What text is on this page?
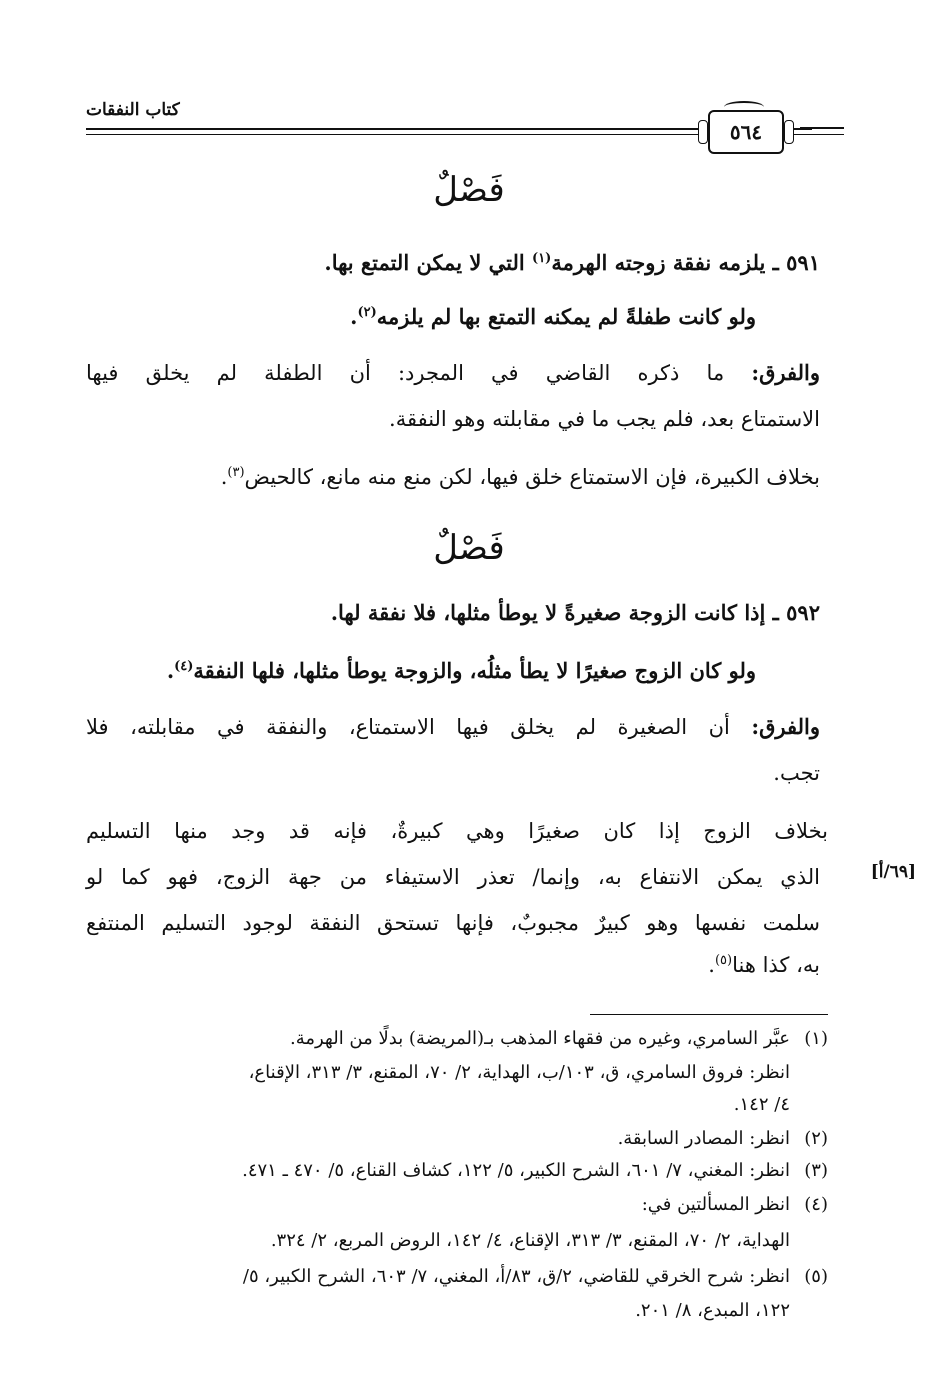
كتاب النفقات
٥٦٤
فَصْلٌ
٥٩١ ـ يلزمه نفقة زوجته الهرمة$^{(١)}$ التي لا يمكن التمتع بها.
ولو كانت طفلةً لم يمكنه التمتع بها لم يلزمه$^{(٢)}$.
والفرق: ما ذكره القاضي في المجرد: أن الطفلة لم يخلق فيها
الاستمتاع بعد، فلم يجب ما في مقابلته وهو النفقة.
بخلاف الكبيرة، فإن الاستمتاع خلق فيها، لكن منع منه مانع، كالحيض$^{(٣)}$.
فَصْلٌ
٥٩٢ ـ إذا كانت الزوجة صغيرةً لا يوطأ مثلها، فلا نفقة لها.
ولو كان الزوج صغيرًا لا يطأ مثلُه، والزوجة يوطأ مثلها، فلها النفقة$^{(٤)}$.
والفرق: أن الصغيرة لم يخلق فيها الاستمتاع، والنفقة في مقابلته، فلا
تجب.
بخلاف الزوج إذا كان صغيرًا وهي كبيرةٌ، فإنه قد وجد منها التسليم
الذي يمكن الانتفاع به، وإنما/ تعذر الاستيفاء من جهة الزوج، فهو كما لو
سلمت نفسها وهو كبيرٌ مجبوبٌ، فإنها تستحق النفقة لوجود التسليم المنتفع
به، كذا هنا$^{(٥)}$.
[٦٩/أ]
(١)عبَّر السامري، وغيره من فقهاء المذهب بـ(المريضة) بدلًا من الهرمة.
انظر: فروق السامري، ق، ١٠٣/ب، الهداية، ٢/ ٧٠، المقنع، ٣/ ٣١٣، الإقناع،
٤/ ١٤٢.
(٢)انظر: المصادر السابقة.
(٣)انظر: المغني، ٧/ ٦٠١، الشرح الكبير، ٥/ ١٢٢، كشاف القناع، ٥/ ٤٧٠ ـ ٤٧١.
(٤)انظر المسألتين في:
الهداية، ٢/ ٧٠، المقنع، ٣/ ٣١٣، الإقناع، ٤/ ١٤٢، الروض المربع، ٢/ ٣٢٤.
(٥)انظر: شرح الخرقي للقاضي، ٢/ق، ٨٣/أ، المغني، ٧/ ٦٠٣، الشرح الكبير، ٥/
١٢٢، المبدع، ٨/ ٢٠١.
